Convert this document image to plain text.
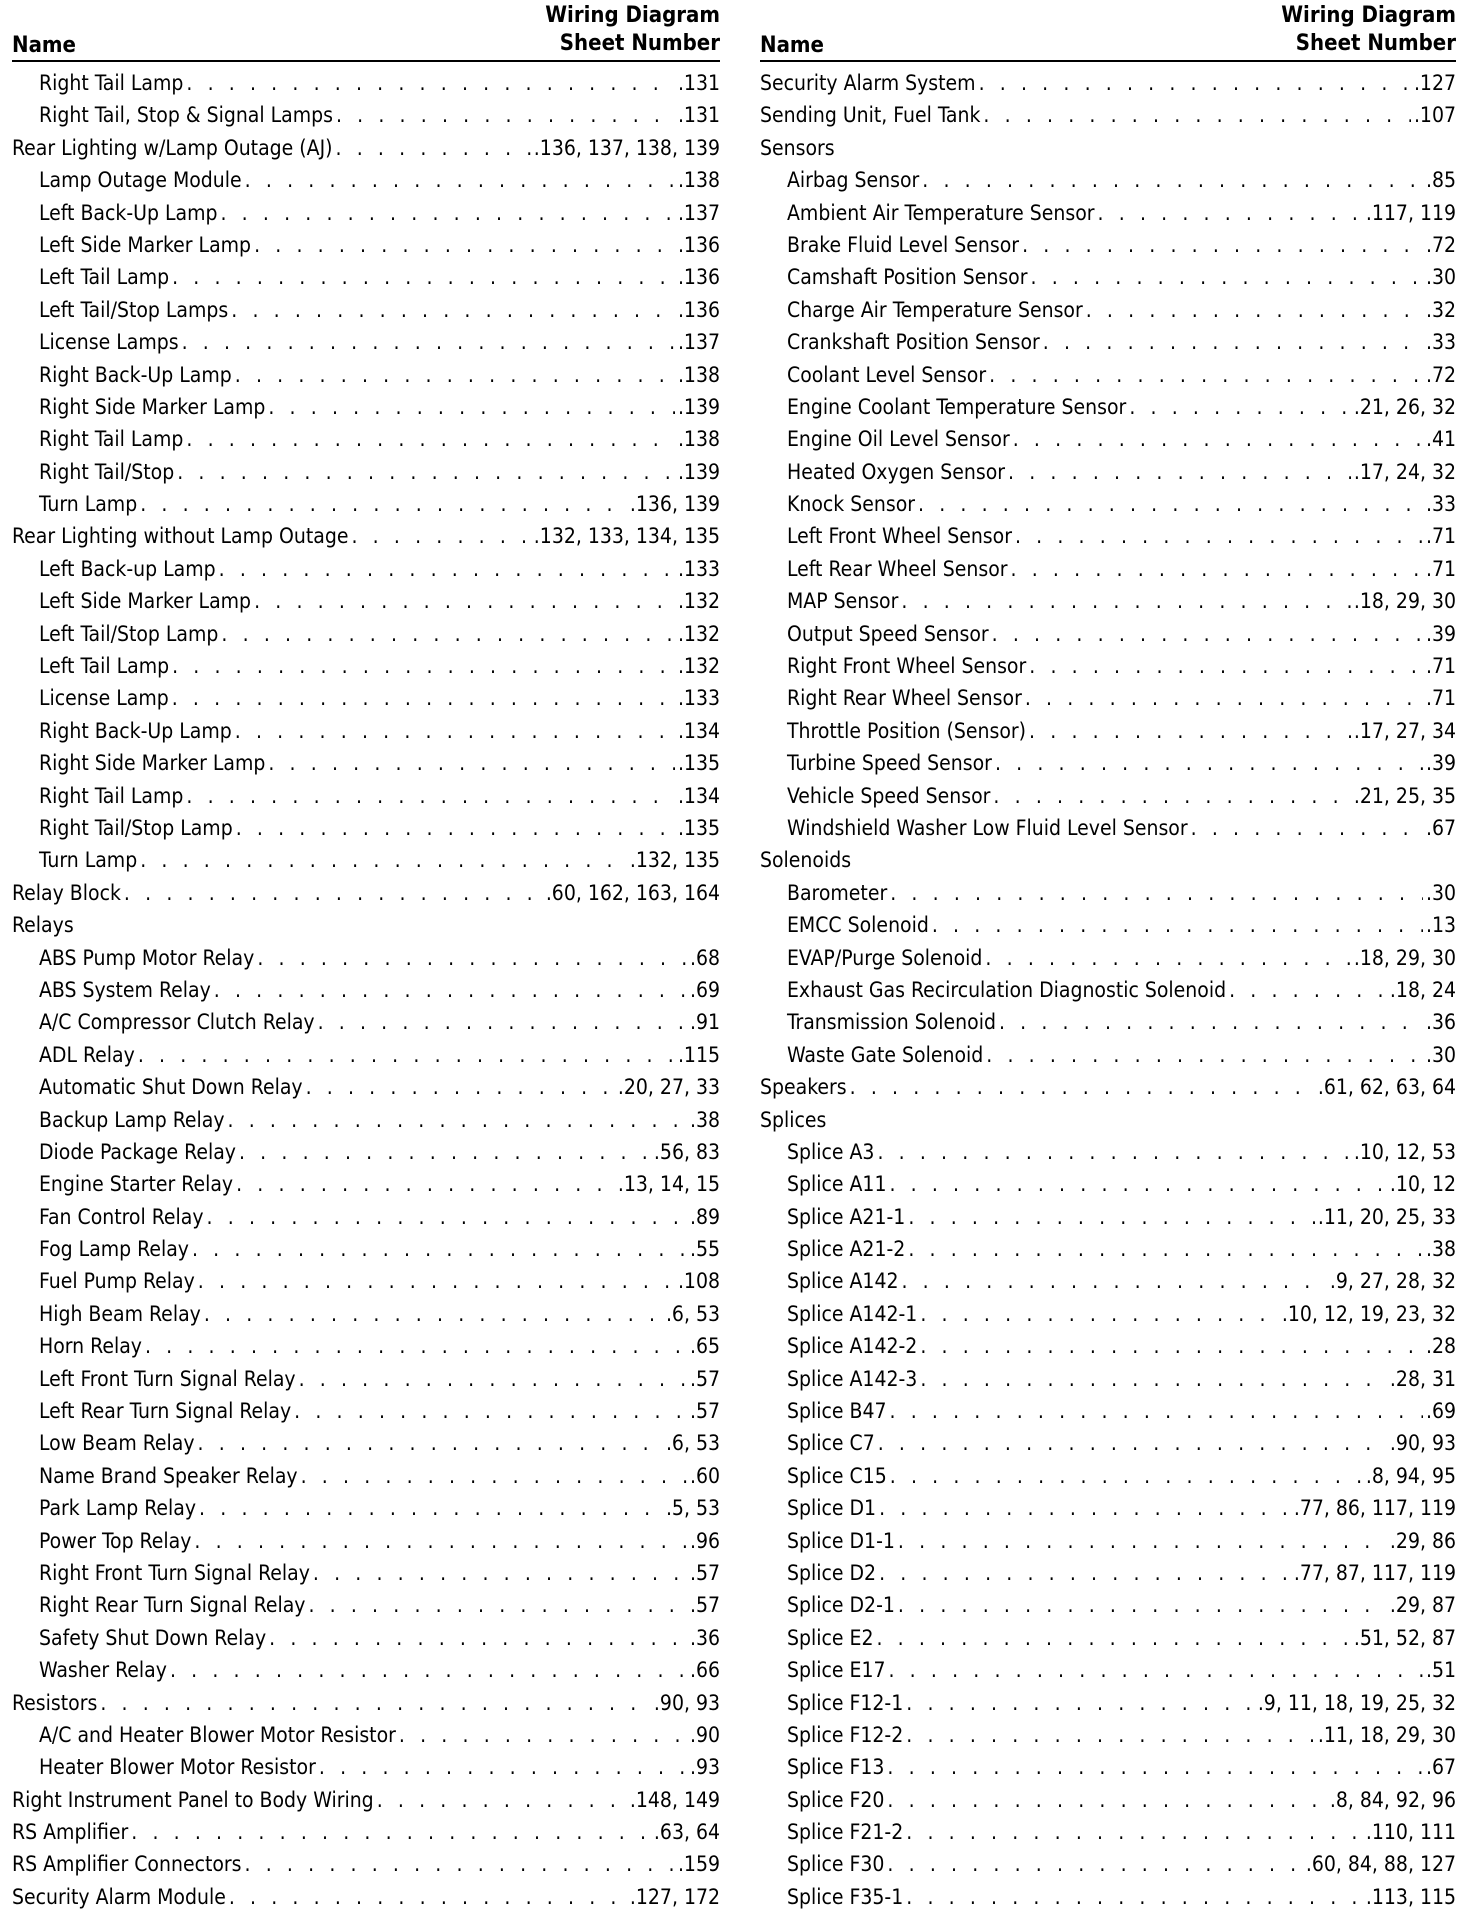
Name
Wiring Diagram
Sheet Number
Right Tail Lamp . . .	.131
Right Tail, Stop & Signal Lamps . . .	.131
Rear Lighting w/Lamp Outage (AJ) . . .	.136, 137, 138, 139
Lamp Outage Module . . .	.138
Left Back-Up Lamp . . .	.137
Left Side Marker Lamp . . .	.136
Left Tail Lamp . . .	.136
Left Tail/Stop Lamps . . .	.136
License Lamps . . .	.137
Right Back-Up Lamp . . .	.138
Right Side Marker Lamp . . .	.139
Right Tail Lamp . . .	.138
Right Tail/Stop . . .	.139
Turn Lamp . . .	.136, 139
Rear Lighting without Lamp Outage . . .	.132, 133, 134, 135
Left Back-up Lamp . . .	.133
Left Side Marker Lamp . . .	.132
Left Tail/Stop Lamp . . .	.132
Left Tail Lamp . . .	.132
License Lamp . . .	.133
Right Back-Up Lamp . . .	.134
Right Side Marker Lamp . . .	.135
Right Tail Lamp . . .	.134
Right Tail/Stop Lamp . . .	.135
Turn Lamp . . .	.132, 135
Relay Block . . .	.60, 162, 163, 164
Relays
ABS Pump Motor Relay . . .	.68
ABS System Relay . . .	.69
A/C Compressor Clutch Relay . . .	.91
ADL Relay . . .	.115
Automatic Shut Down Relay . . .	.20, 27, 33
Backup Lamp Relay . . .	.38
Diode Package Relay . . .	.56, 83
Engine Starter Relay . . .	.13, 14, 15
Fan Control Relay . . .	.89
Fog Lamp Relay . . .	.55
Fuel Pump Relay . . .	.108
High Beam Relay . . .	.6, 53
Horn Relay . . .	.65
Left Front Turn Signal Relay . . .	.57
Left Rear Turn Signal Relay . . .	.57
Low Beam Relay . . .	.6, 53
Name Brand Speaker Relay . . .	.60
Park Lamp Relay . . .	.5, 53
Power Top Relay . . .	.96
Right Front Turn Signal Relay . . .	.57
Right Rear Turn Signal Relay . . .	.57
Safety Shut Down Relay . . .	.36
Washer Relay . . .	.66
Resistors . . .	.90, 93
A/C and Heater Blower Motor Resistor . . .	.90
Heater Blower Motor Resistor . . .	.93
Right Instrument Panel to Body Wiring . . .	.148, 149
RS Amplifier . . .	.63, 64
RS Amplifier Connectors . . .	.159
Security Alarm Module . . .	.127, 172
Name
Wiring Diagram
Sheet Number
Security Alarm System . . .	.127
Sending Unit, Fuel Tank . . .	.107
Sensors
Airbag Sensor . . .	.85
Ambient Air Temperature Sensor . . .	.117, 119
Brake Fluid Level Sensor . . .	.72
Camshaft Position Sensor . . .	.30
Charge Air Temperature Sensor . . .	.32
Crankshaft Position Sensor . . .	.33
Coolant Level Sensor . . .	.72
Engine Coolant Temperature Sensor . . .	.21, 26, 32
Engine Oil Level Sensor . . .	.41
Heated Oxygen Sensor . . .	.17, 24, 32
Knock Sensor . . .	.33
Left Front Wheel Sensor . . .	.71
Left Rear Wheel Sensor . . .	.71
MAP Sensor . . .	.18, 29, 30
Output Speed Sensor . . .	.39
Right Front Wheel Sensor . . .	.71
Right Rear Wheel Sensor . . .	.71
Throttle Position (Sensor) . . .	.17, 27, 34
Turbine Speed Sensor . . .	.39
Vehicle Speed Sensor . . .	.21, 25, 35
Windshield Washer Low Fluid Level Sensor . . .	.67
Solenoids
Barometer . . .	.30
EMCC Solenoid . . .	.13
EVAP/Purge Solenoid . . .	.18, 29, 30
Exhaust Gas Recirculation Diagnostic Solenoid . . .	.18, 24
Transmission Solenoid . . .	.36
Waste Gate Solenoid . . .	.30
Speakers . . .	.61, 62, 63, 64
Splices
Splice A3 . . .	.10, 12, 53
Splice A11 . . .	.10, 12
Splice A21-1 . . .	.11, 20, 25, 33
Splice A21-2 . . .	.38
Splice A142 . . .	.9, 27, 28, 32
Splice A142-1 . . .	.10, 12, 19, 23, 32
Splice A142-2 . . .	.28
Splice A142-3 . . .	.28, 31
Splice B47 . . .	.69
Splice C7 . . .	.90, 93
Splice C15 . . .	.8, 94, 95
Splice D1 . . .	.77, 86, 117, 119
Splice D1-1 . . .	.29, 86
Splice D2 . . .	.77, 87, 117, 119
Splice D2-1 . . .	.29, 87
Splice E2 . . .	.51, 52, 87
Splice E17 . . .	.51
Splice F12-1 . . .	.9, 11, 18, 19, 25, 32
Splice F12-2 . . .	.11, 18, 29, 30
Splice F13 . . .	.67
Splice F20 . . .	.8, 84, 92, 96
Splice F21-2 . . .	.110, 111
Splice F30 . . .	.60, 84, 88, 127
Splice F35-1 . . .	.113, 115
